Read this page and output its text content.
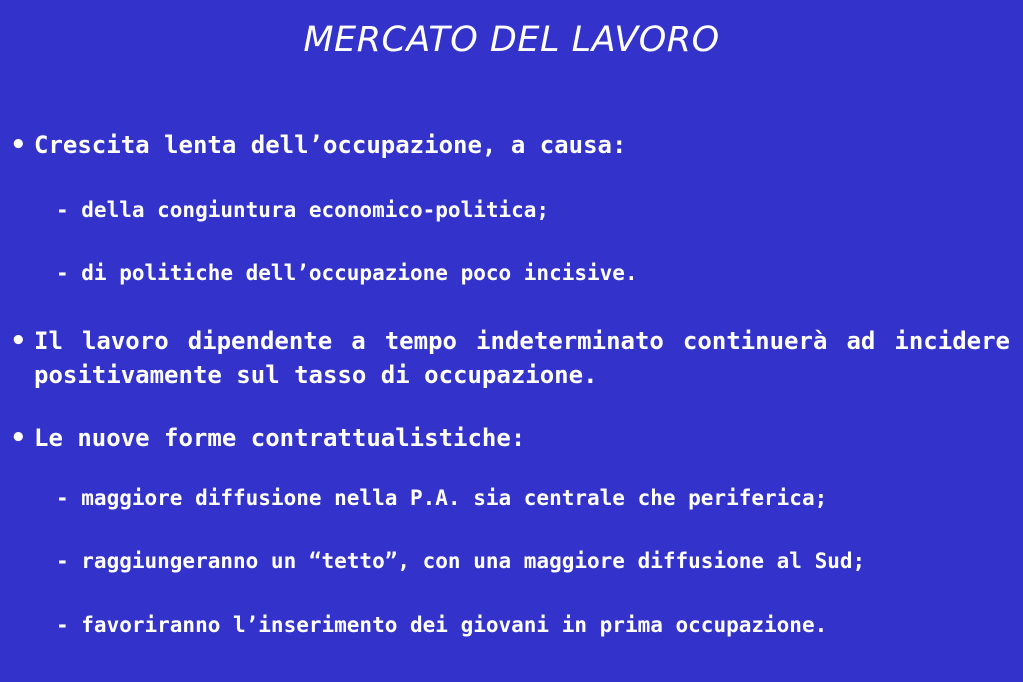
MERCATO DEL LAVORO
• Crescita lenta dell’occupazione, a causa:
- della congiuntura economico-politica;
- di politiche dell’occupazione poco incisive.
• Il lavoro dipendente a tempo indeterminato continuerà ad incidere positivamente sul tasso di occupazione.
• Le nuove forme contrattualistiche:
- maggiore diffusione nella P.A. sia centrale che periferica;
- raggiungeranno un “tetto”, con una maggiore diffusione al Sud;
- favoriranno l’inserimento dei giovani in prima occupazione.
